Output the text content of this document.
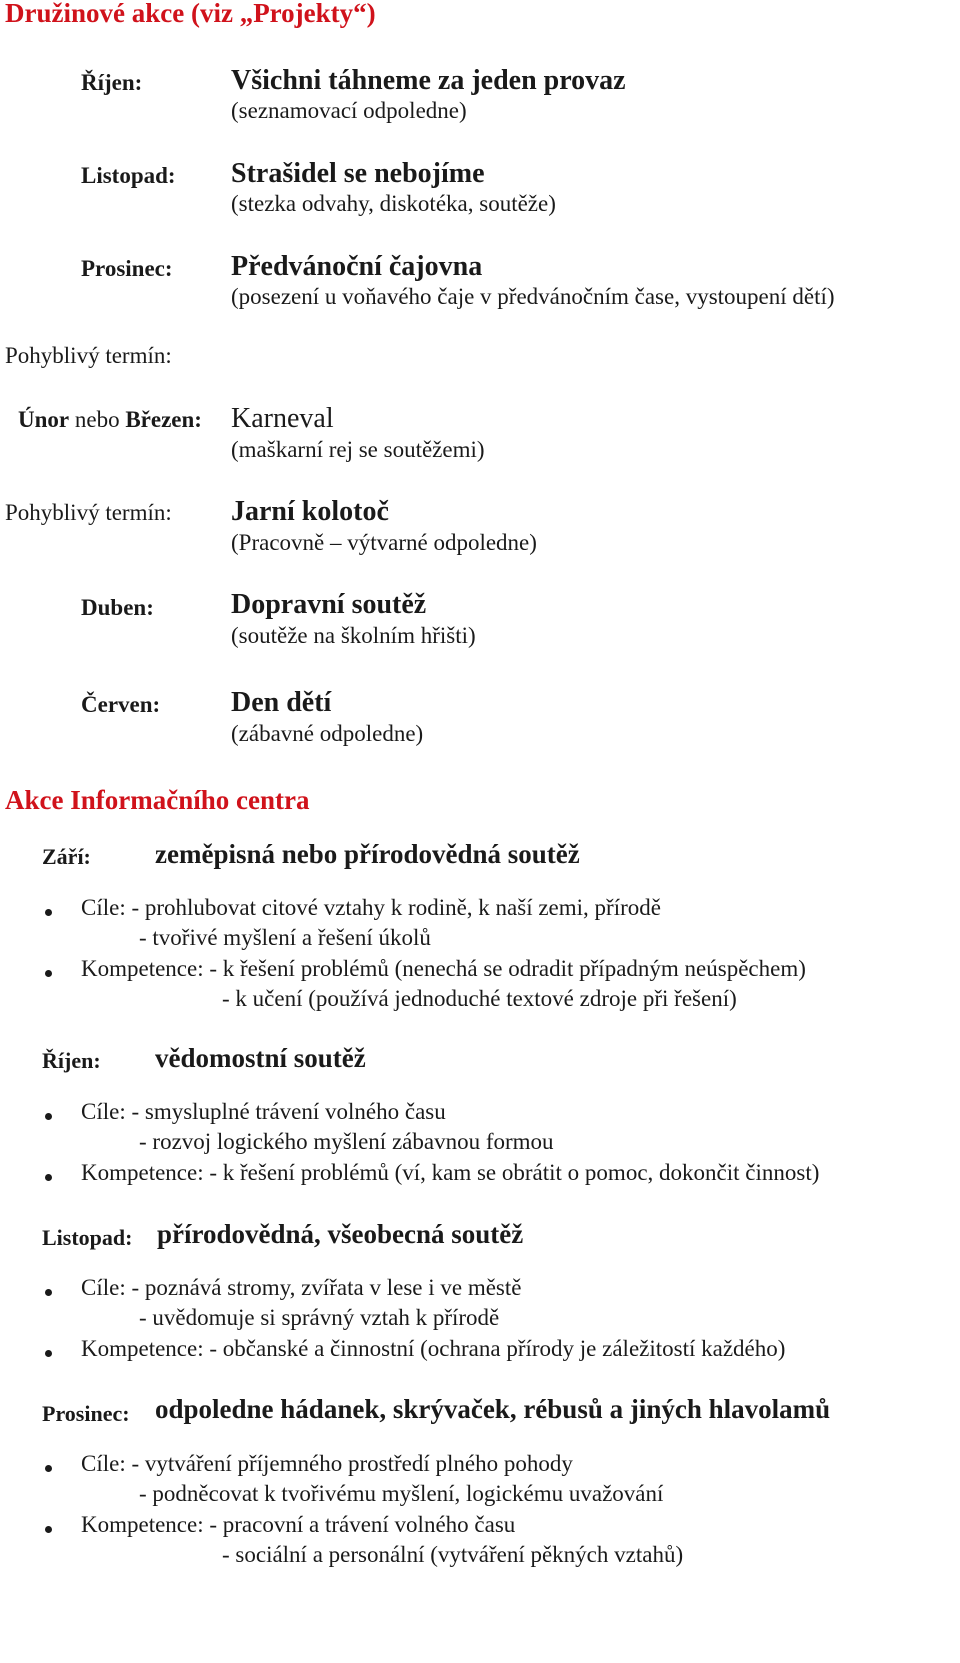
Družinové akce (viz „Projekty“)
Říjen:	Všichni táhneme za jeden provaz
(seznamovací odpoledne)
Listopad: Strašidel se nebojíme
(stezka odvahy, diskotéka, soutěže)
Prosinec: Předvánoční čajovna
(posezení u voňavého čaje v předvánočním čase, vystoupení dětí)
Pohyblivý termín:
Únor nebo Březen: Karneval
(maškarní rej se soutěžemi)
Pohyblivý termín: Jarní kolotoč
(Pracovně – výtvarné odpoledne)
Duben:	Dopravní soutěž
(soutěže na školním hřišti)
Červen:	Den dětí
(zábavné odpoledne)
Akce Informačního centra
Září: zeměpisná nebo přírodovědná soutěž
Cíle: - prohlubovat citové vztahy k rodině, k naší zemi, přírodě
- tvořivé myšlení a řešení úkolů
Kompetence: - k řešení problémů (nenechá se odradit případným neúspěchem)
- k učení (používá jednoduché textové zdroje při řešení)
Říjen: vědomostní soutěž
Cíle: - smysluplné trávení volného času
- rozvoj logického myšlení zábavnou formou
Kompetence: - k řešení problémů (ví, kam se obrátit o pomoc, dokončit činnost)
Listopad: přírodovědná, všeobecná soutěž
Cíle: - poznává stromy, zvířata v lese i ve městě
- uvědomuje si správný vztah k přírodě
Kompetence: - občanské a činnostní (ochrana přírody je záležitostí každého)
Prosinec: odpoledne hádanek, skrývaček, rébusů a jiných hlavolamů
Cíle: - vytváření příjemného prostředí plného pohody
- podněcovat k tvořivému myšlení, logickému uvažování
Kompetence: - pracovní a trávení volného času
- sociální a personální (vytváření pěkných vztahů)
